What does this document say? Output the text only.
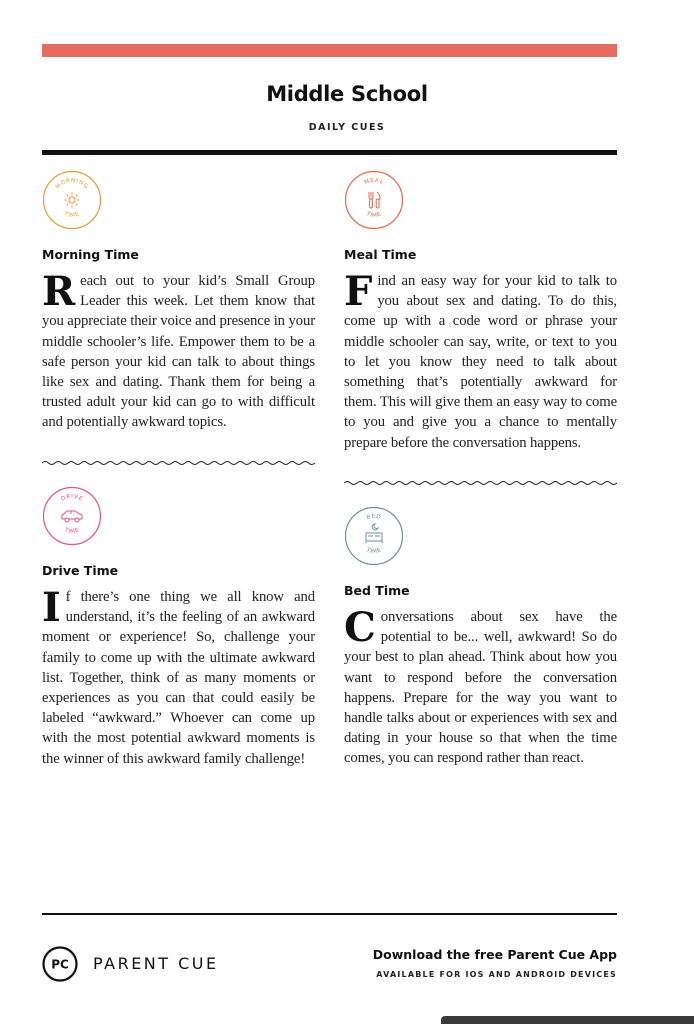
Middle School
DAILY CUES
MORNING
TIME
Morning Time

Reach out to your kid’s Small Group Leader this week. Let them know that you appreciate their voice and presence in your middle schooler’s life. Empower them to be a safe person your kid can talk to about things like sex and dating. Thank them for being a trusted adult your kid can go to with difficult and potentially awkward topics.

MEAL
TIME
Meal Time

Find an easy way for your kid to talk to you about sex and dating. To do this, come up with a code word or phrase your middle schooler can say, write, or text to you to let you know they need to talk about something that’s potentially awkward for them. This will give them an easy way to come to you and give you a chance to mentally prepare before the conversation happens.

DRIVE
TIME
Drive Time

If there’s one thing we all know and understand, it’s the feeling of an awkward moment or experience! So, challenge your family to come up with the ultimate awkward list. Together, think of as many moments or experiences as you can that could easily be labeled “awkward.” Whoever can come up with the most potential awkward moments is the winner of this awkward family challenge!

BED
TIME
Bed Time

Conversations about sex have the potential to be... well, awkward! So do your best to plan ahead. Think about how you want to respond before the conversation happens. Prepare for the way you want to handle talks about or experiences with sex and dating in your house so that when the time comes, you can respond rather than react.

PC PARENT CUE	Download the free Parent Cue App
AVAILABLE FOR IOS AND ANDROID DEVICES
